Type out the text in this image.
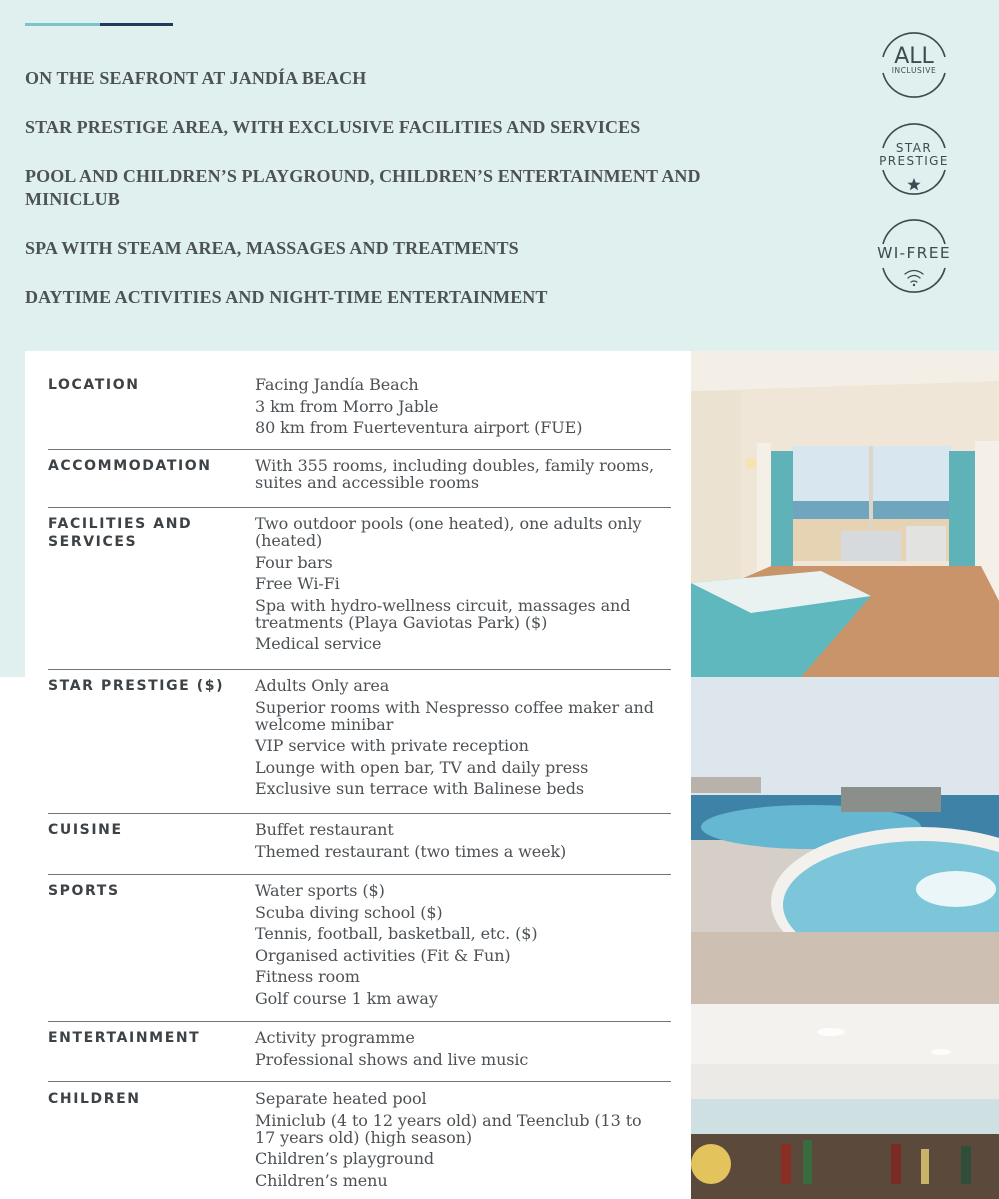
ON THE SEAFRONT AT JANDÍA BEACH
STAR PRESTIGE AREA, WITH EXCLUSIVE FACILITIES AND SERVICES
POOL AND CHILDREN’S PLAYGROUND, CHILDREN’S ENTERTAINMENT AND MINICLUB
SPA WITH STEAM AREA, MASSAGES AND TREATMENTS
DAYTIME ACTIVITIES AND NIGHT-TIME ENTERTAINMENT
ALL
INCLUSIVE
STAR
PRESTIGE
WI-FREE
LOCATION	Facing Jandía Beach
3 km from Morro Jable
80 km from Fuerteventura airport (FUE)
ACCOMMODATION	With 355 rooms, including doubles, family rooms, suites and accessible rooms
FACILITIES AND SERVICES
Two outdoor pools (one heated), one adults only (heated)
Four bars
Free Wi-Fi
Spa with hydro-wellness circuit, massages and treatments (Playa Gaviotas Park) ($)
Medical service
STAR PRESTIGE ($)	Adults Only area
Superior rooms with Nespresso coffee maker and welcome minibar
VIP service with private reception
Lounge with open bar, TV and daily press
Exclusive sun terrace with Balinese beds
CUISINE	Buffet restaurant
Themed restaurant (two times a week)
SPORTS	Water sports ($)
Scuba diving school ($)
Tennis, football, basketball, etc. ($)
Organised activities (Fit & Fun)
Fitness room
Golf course 1 km away
ENTERTAINMENT	Activity programme
Professional shows and live music
CHILDREN	Separate heated pool
Miniclub (4 to 12 years old) and Teenclub (13 to 17 years old) (high season)
Children’s playground
Children’s menu
